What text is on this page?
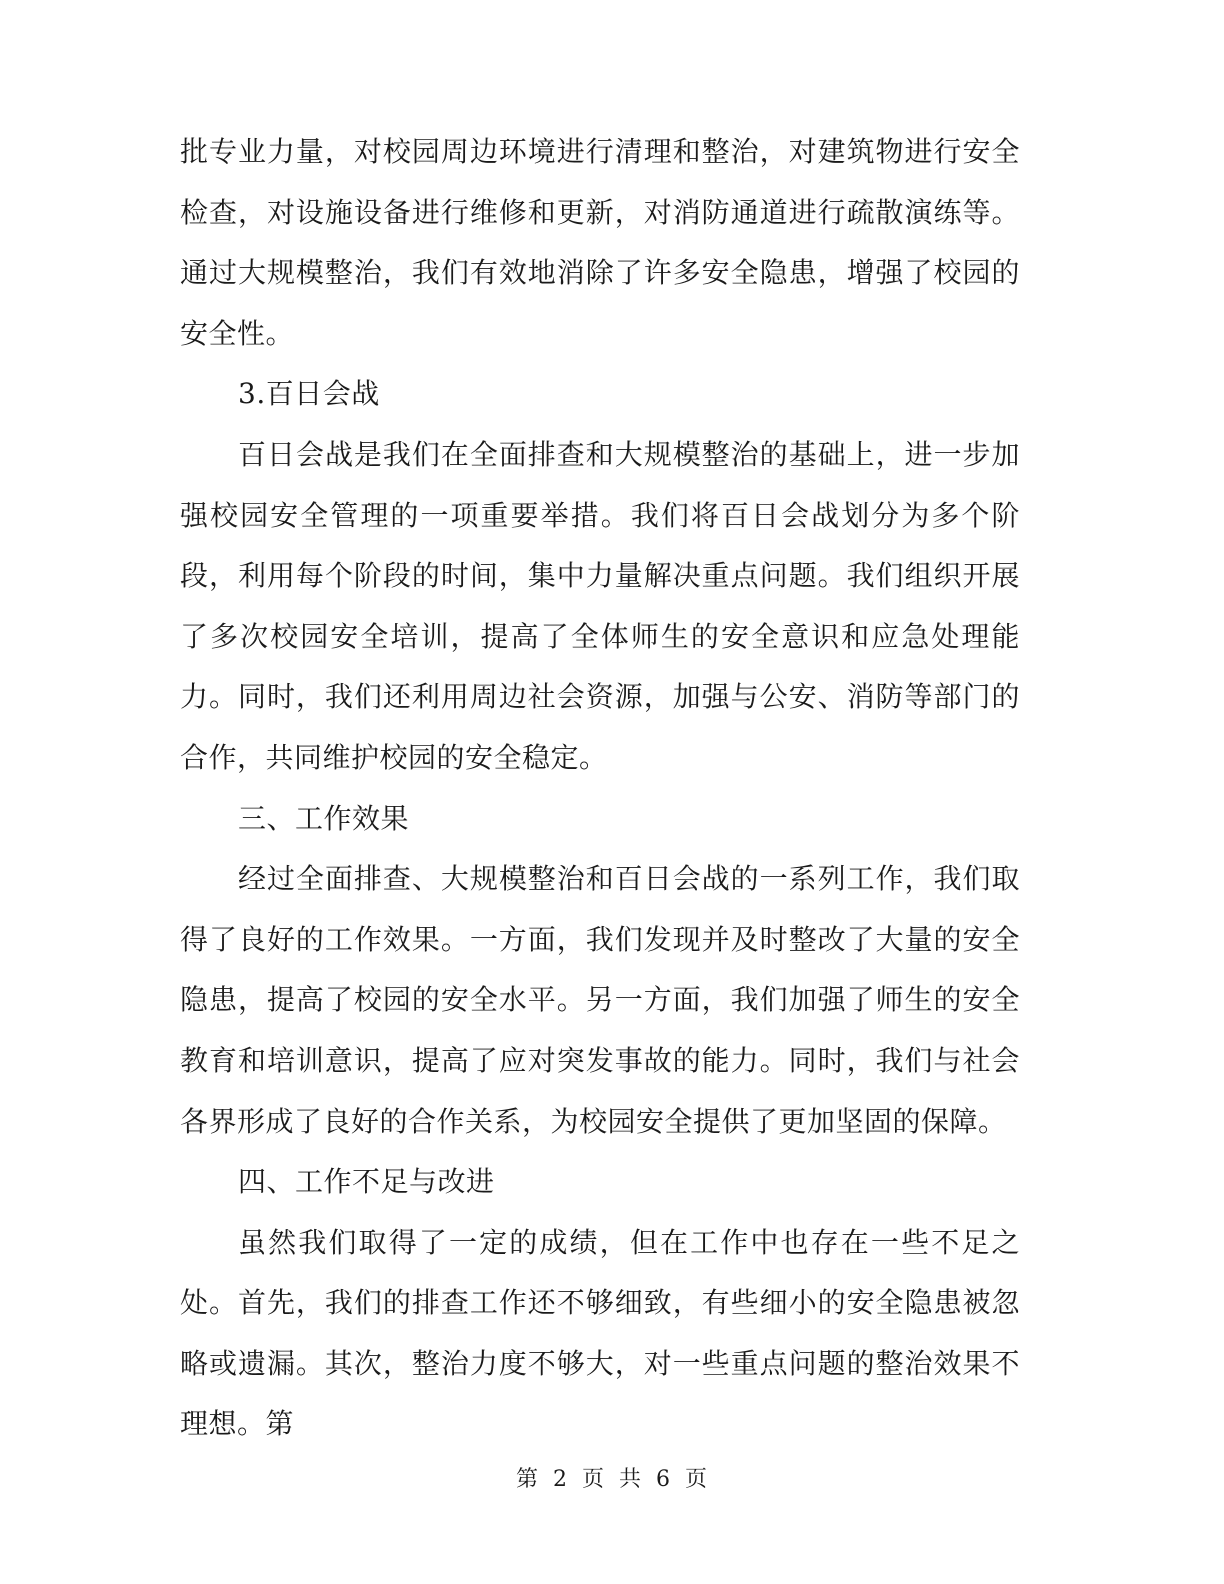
批专业力量，对校园周边环境进行清理和整治，对建筑物进行安全检查，对设施设备进行维修和更新，对消防通道进行疏散演练等。通过大规模整治，我们有效地消除了许多安全隐患，增强了校园的安全性。

3.百日会战

百日会战是我们在全面排查和大规模整治的基础上，进一步加强校园安全管理的一项重要举措。我们将百日会战划分为多个阶段，利用每个阶段的时间，集中力量解决重点问题。我们组织开展了多次校园安全培训，提高了全体师生的安全意识和应急处理能力。同时，我们还利用周边社会资源，加强与公安、消防等部门的合作，共同维护校园的安全稳定。

三、工作效果

经过全面排查、大规模整治和百日会战的一系列工作，我们取得了良好的工作效果。一方面，我们发现并及时整改了大量的安全隐患，提高了校园的安全水平。另一方面，我们加强了师生的安全教育和培训意识，提高了应对突发事故的能力。同时，我们与社会各界形成了良好的合作关系，为校园安全提供了更加坚固的保障。

四、工作不足与改进

虽然我们取得了一定的成绩，但在工作中也存在一些不足之处。首先，我们的排查工作还不够细致，有些细小的安全隐患被忽略或遗漏。其次，整治力度不够大，对一些重点问题的整治效果不理想。第

第 2 页 共 6 页
